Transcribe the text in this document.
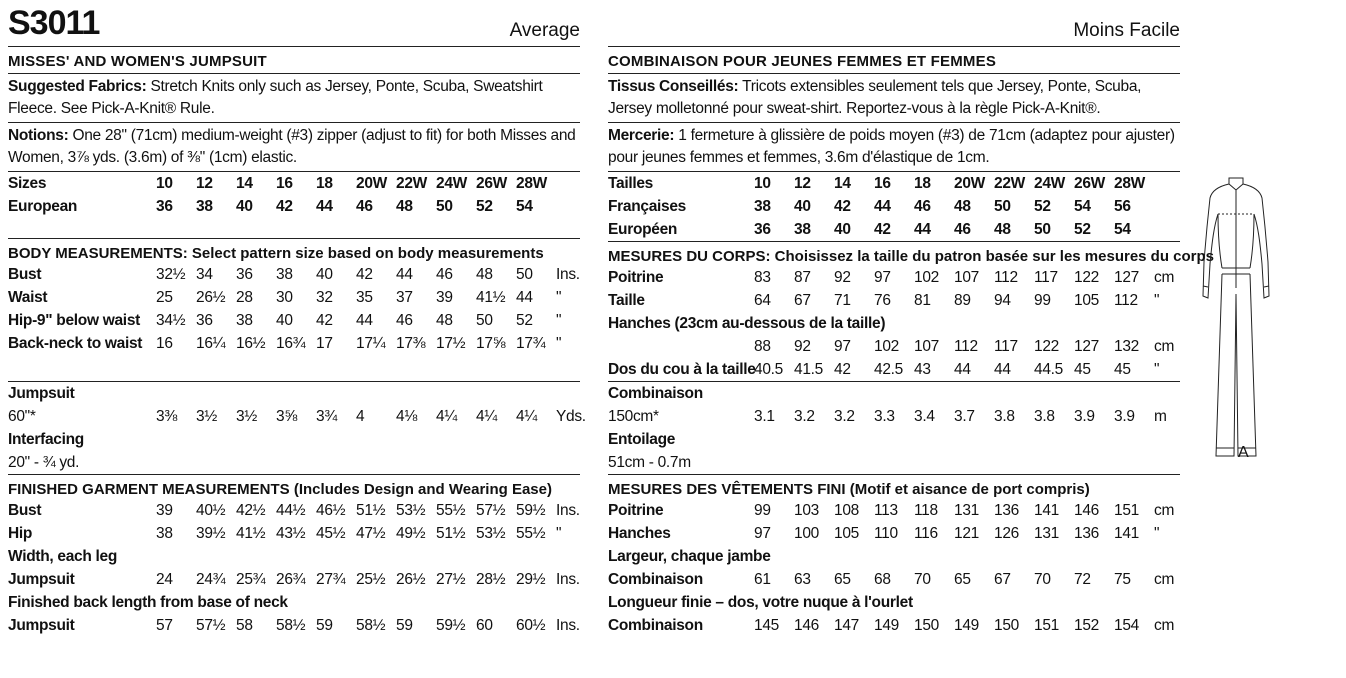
S3011	Average
MISSES' AND WOMEN'S JUMPSUIT
Suggested Fabrics: Stretch Knits only such as Jersey, Ponte, Scuba, Sweatshirt Fleece. See Pick-A-Knit® Rule.
Notions: One 28" (71cm) medium-weight (#3) zipper (adjust to fit) for both Misses and Women, 3⅞ yds. (3.6m) of ⅜" (1cm) elastic.
Sizes	10	12	14	16	18	20W	22W	24W	26W	28W	
European	36	38	40	42	44	46	48	50	52	54	
BODY MEASUREMENTS: Select pattern size based on body measurements
Bust	32½	34	36	38	40	42	44	46	48	50	Ins.
Waist	25	26½	28	30	32	35	37	39	41½	44	"
Hip-9" below waist	34½	36	38	40	42	44	46	48	50	52	"
Back-neck to waist	16	16¼	16½	16¾	17	17¼	17⅜	17½	17⅝	17¾	"
Jumpsuit
60"*	3⅜	3½	3½	3⅝	3¾	4	4⅛	4¼	4¼	4¼	Yds.
Interfacing
20" - ¾ yd.
FINISHED GARMENT MEASUREMENTS (Includes Design and Wearing Ease)
Bust	39	40½	42½	44½	46½	51½	53½	55½	57½	59½	Ins.
Hip	38	39½	41½	43½	45½	47½	49½	51½	53½	55½	"
Width, each leg											
Jumpsuit	24	24¾	25¾	26¾	27¾	25½	26½	27½	28½	29½	Ins.
Finished back length from base of neck											
Jumpsuit	57	57½	58	58½	59	58½	59	59½	60	60½	Ins.
Moins Facile
COMBINAISON POUR JEUNES FEMMES ET FEMMES
Tissus Conseillés: Tricots extensibles seulement tels que Jersey, Ponte, Scuba, Jersey molletonné pour sweat-shirt. Reportez-vous à la règle Pick-A-Knit®.
Mercerie: 1 fermeture à glissière de poids moyen (#3) de 71cm (adaptez pour ajuster) pour jeunes femmes et femmes, 3.6m d'élastique de 1cm.
Tailles	10	12	14	16	18	20W	22W	24W	26W	28W	
Françaises	38	40	42	44	46	48	50	52	54	56	
Européen	36	38	40	42	44	46	48	50	52	54	
MESURES DU CORPS: Choisissez la taille du patron basée sur les mesures du corps
Poitrine	83	87	92	97	102	107	112	117	122	127	cm
Taille	64	67	71	76	81	89	94	99	105	112	"
Hanches (23cm au-dessous de la taille)											
	88	92	97	102	107	112	117	122	127	132	cm
Dos du cou à la taille	40.5	41.5	42	42.5	43	44	44	44.5	45	45	"
Combinaison
150cm*	3.1	3.2	3.2	3.3	3.4	3.7	3.8	3.8	3.9	3.9	m
Entoilage
51cm - 0.7m
MESURES DES VÊTEMENTS FINI (Motif et aisance de port compris)
Poitrine	99	103	108	113	118	131	136	141	146	151	cm
Hanches	97	100	105	110	116	121	126	131	136	141	"
Largeur, chaque jambe											
Combinaison	61	63	65	68	70	65	67	70	72	75	cm
Longueur finie – dos, votre nuque à l'ourlet											
Combinaison	145	146	147	149	150	149	150	151	152	154	cm
A
